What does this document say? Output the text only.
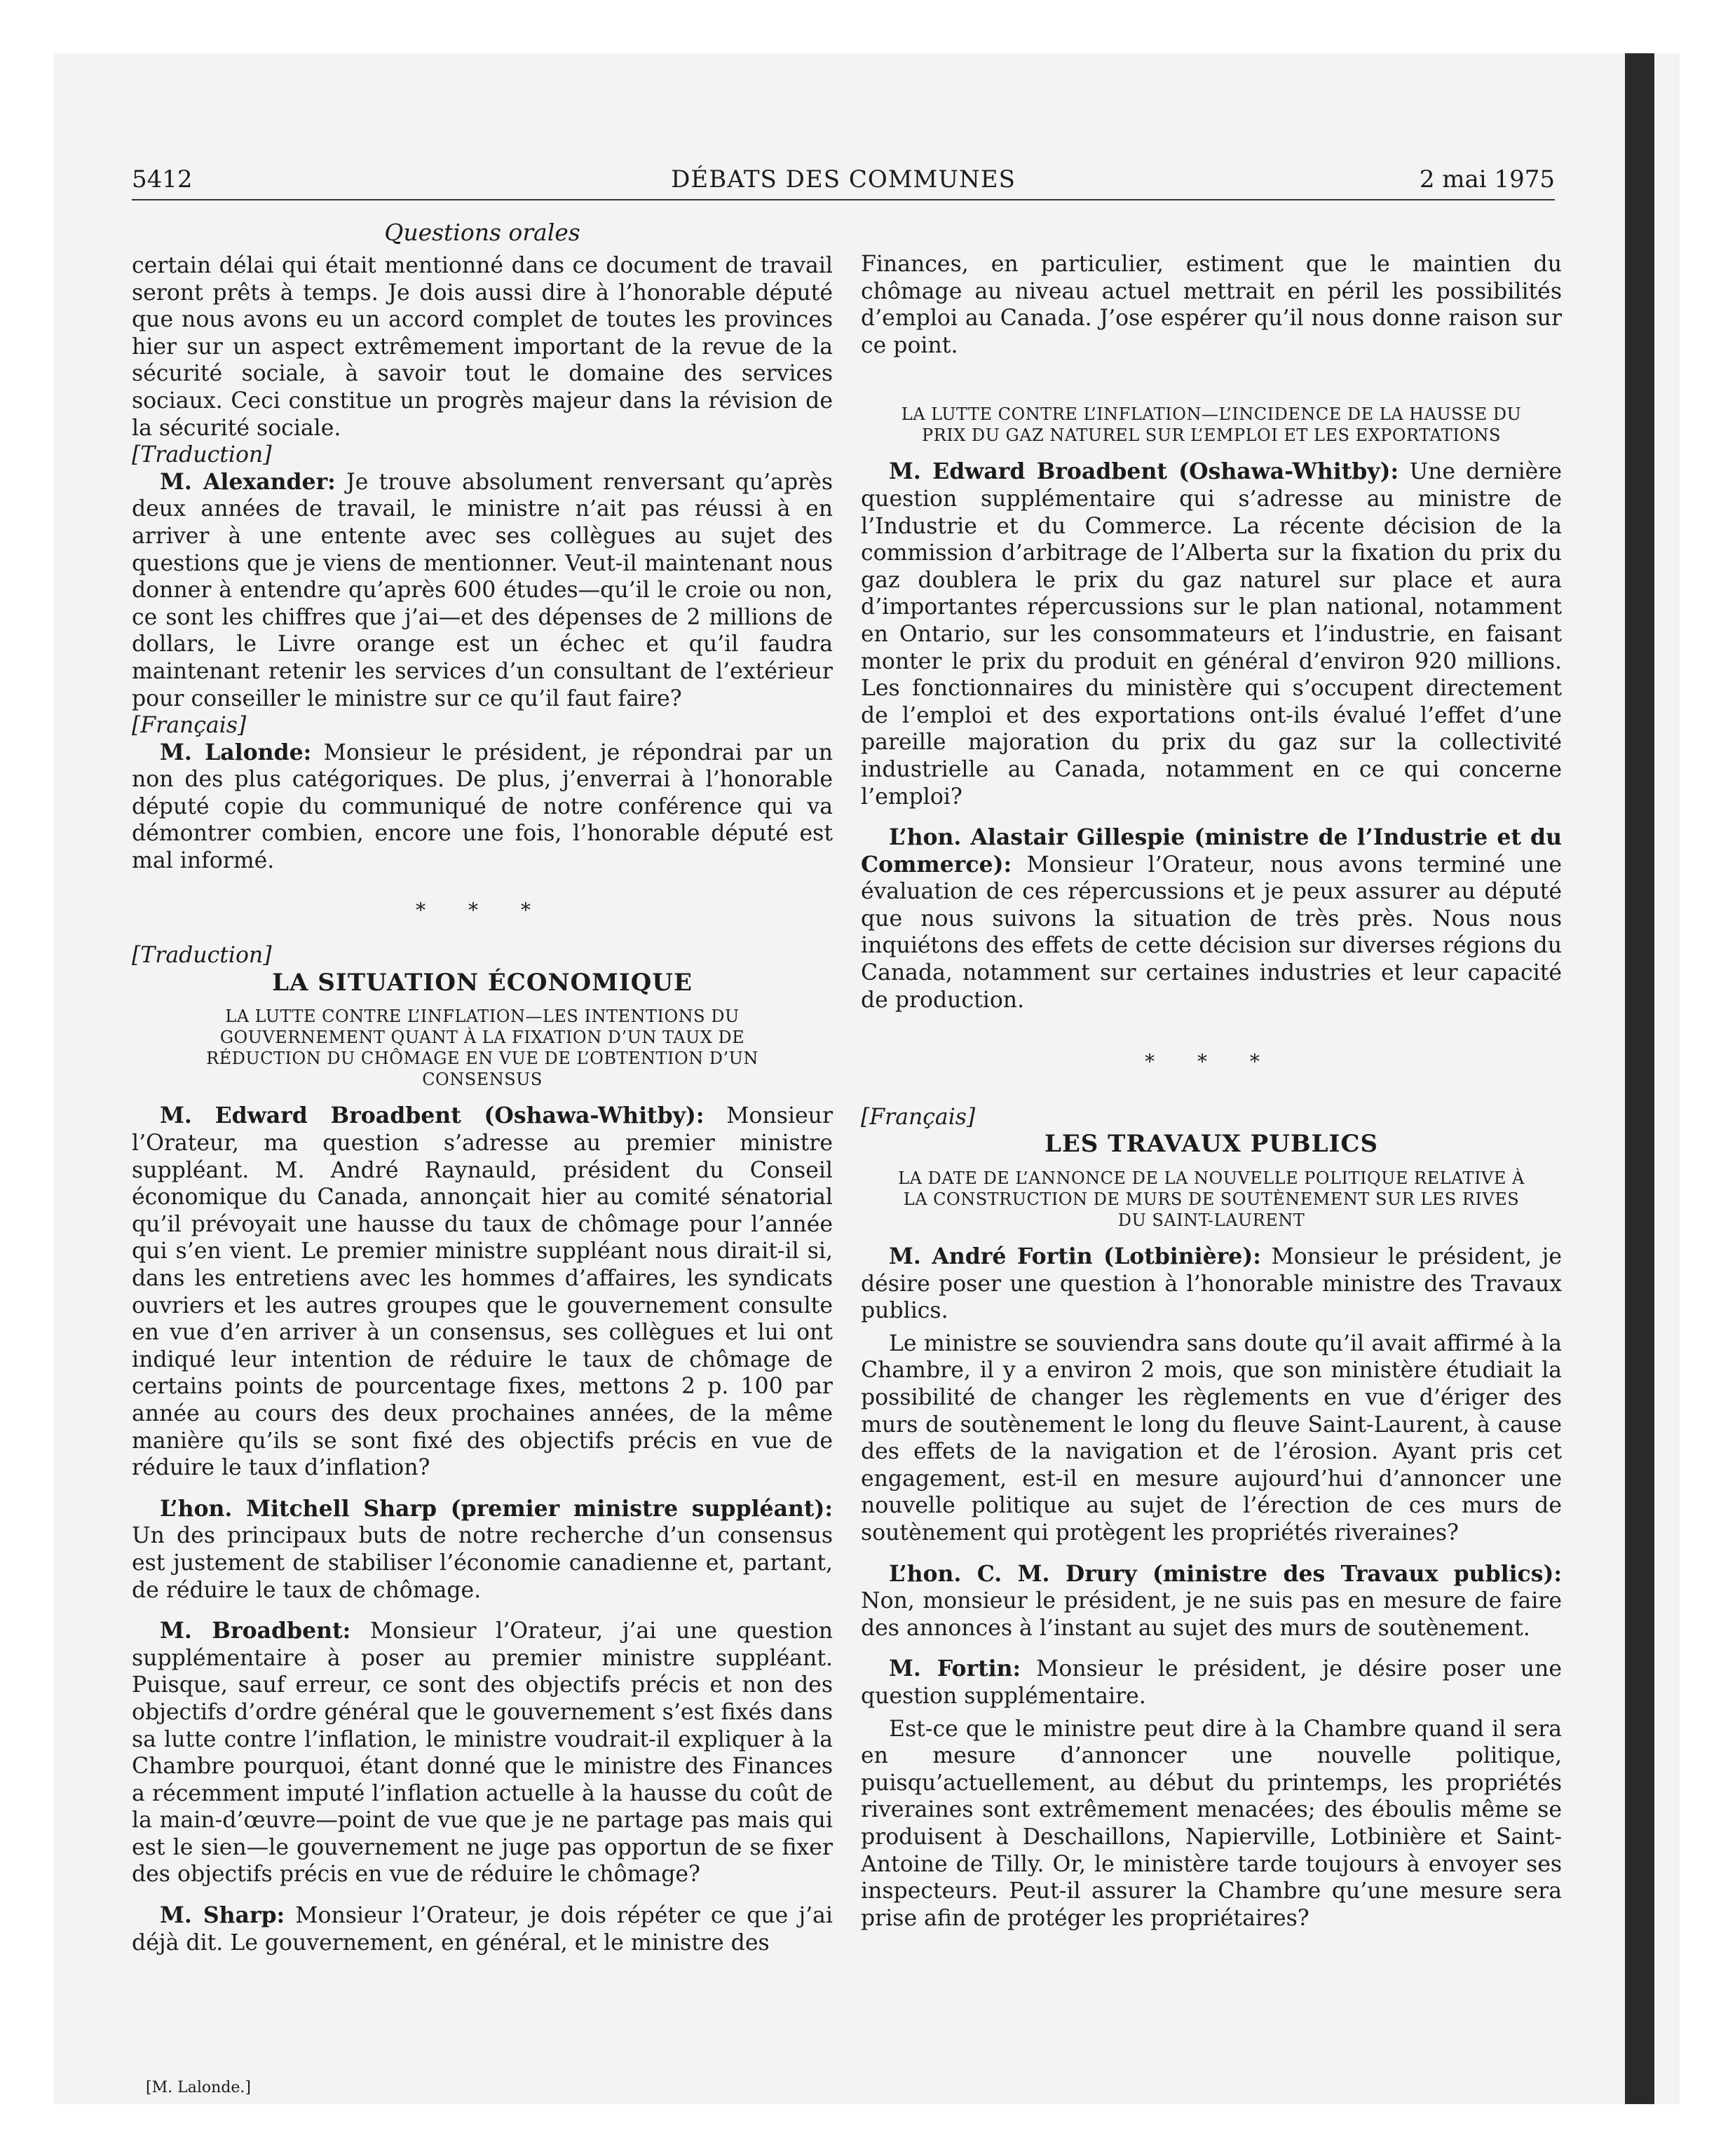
5412	DÉBATS DES COMMUNES	2 mai 1975
Questions orales

certain délai qui était mentionné dans ce document de travail seront prêts à temps. Je dois aussi dire à l’honorable député que nous avons eu un accord complet de toutes les provinces hier sur un aspect extrêmement important de la revue de la sécurité sociale, à savoir tout le domaine des services sociaux. Ceci constitue un progrès majeur dans la révision de la sécurité sociale.

[Traduction]

M. Alexander: Je trouve absolument renversant qu’après deux années de travail, le ministre n’ait pas réussi à en arriver à une entente avec ses collègues au sujet des questions que je viens de mentionner. Veut-il maintenant nous donner à entendre qu’après 600 études—qu’il le croie ou non, ce sont les chiffres que j’ai—et des dépenses de 2 millions de dollars, le Livre orange est un échec et qu’il faudra maintenant retenir les services d’un consultant de l’extérieur pour conseiller le ministre sur ce qu’il faut faire?

[Français]

M. Lalonde: Monsieur le président, je répondrai par un non des plus catégoriques. De plus, j’enverrai à l’honorable député copie du communiqué de notre conférence qui va démontrer combien, encore une fois, l’honorable député est mal informé.

* * *

[Traduction]

LA SITUATION ÉCONOMIQUE
LA LUTTE CONTRE L’INFLATION—LES INTENTIONS DU GOUVERNEMENT QUANT À LA FIXATION D’UN TAUX DE RÉDUCTION DU CHÔMAGE EN VUE DE L’OBTENTION D’UN CONSENSUS

M. Edward Broadbent (Oshawa-Whitby): Monsieur l’Orateur, ma question s’adresse au premier ministre suppléant. M. André Raynauld, président du Conseil économique du Canada, annonçait hier au comité sénatorial qu’il prévoyait une hausse du taux de chômage pour l’année qui s’en vient. Le premier ministre suppléant nous dirait-il si, dans les entretiens avec les hommes d’affaires, les syndicats ouvriers et les autres groupes que le gouvernement consulte en vue d’en arriver à un consensus, ses collègues et lui ont indiqué leur intention de réduire le taux de chômage de certains points de pourcentage fixes, mettons 2 p. 100 par année au cours des deux prochaines années, de la même manière qu’ils se sont fixé des objectifs précis en vue de réduire le taux d’inflation?

L’hon. Mitchell Sharp (premier ministre suppléant): Un des principaux buts de notre recherche d’un consensus est justement de stabiliser l’économie canadienne et, partant, de réduire le taux de chômage.

M. Broadbent: Monsieur l’Orateur, j’ai une question supplémentaire à poser au premier ministre suppléant. Puisque, sauf erreur, ce sont des objectifs précis et non des objectifs d’ordre général que le gouvernement s’est fixés dans sa lutte contre l’inflation, le ministre voudrait-il expliquer à la Chambre pourquoi, étant donné que le ministre des Finances a récemment imputé l’inflation actuelle à la hausse du coût de la main-d’œuvre—point de vue que je ne partage pas mais qui est le sien—le gouvernement ne juge pas opportun de se fixer des objectifs précis en vue de réduire le chômage?

M. Sharp: Monsieur l’Orateur, je dois répéter ce que j’ai déjà dit. Le gouvernement, en général, et le ministre des

Finances, en particulier, estiment que le maintien du chômage au niveau actuel mettrait en péril les possibilités d’emploi au Canada. J’ose espérer qu’il nous donne raison sur ce point.

LA LUTTE CONTRE L’INFLATION—L’INCIDENCE DE LA HAUSSE DU PRIX DU GAZ NATUREL SUR L’EMPLOI ET LES EXPORTATIONS

M. Edward Broadbent (Oshawa-Whitby): Une dernière question supplémentaire qui s’adresse au ministre de l’Industrie et du Commerce. La récente décision de la commission d’arbitrage de l’Alberta sur la fixation du prix du gaz doublera le prix du gaz naturel sur place et aura d’importantes répercussions sur le plan national, notamment en Ontario, sur les consommateurs et l’industrie, en faisant monter le prix du produit en général d’environ 920 millions. Les fonctionnaires du ministère qui s’occupent directement de l’emploi et des exportations ont-ils évalué l’effet d’une pareille majoration du prix du gaz sur la collectivité industrielle au Canada, notamment en ce qui concerne l’emploi?

L’hon. Alastair Gillespie (ministre de l’Industrie et du Commerce): Monsieur l’Orateur, nous avons terminé une évaluation de ces répercussions et je peux assurer au député que nous suivons la situation de très près. Nous nous inquiétons des effets de cette décision sur diverses régions du Canada, notamment sur certaines industries et leur capacité de production.

* * *

[Français]

LES TRAVAUX PUBLICS
LA DATE DE L’ANNONCE DE LA NOUVELLE POLITIQUE RELATIVE À LA CONSTRUCTION DE MURS DE SOUTÈNEMENT SUR LES RIVES DU SAINT-LAURENT

M. André Fortin (Lotbinière): Monsieur le président, je désire poser une question à l’honorable ministre des Travaux publics.

Le ministre se souviendra sans doute qu’il avait affirmé à la Chambre, il y a environ 2 mois, que son ministère étudiait la possibilité de changer les règlements en vue d’ériger des murs de soutènement le long du fleuve Saint-Laurent, à cause des effets de la navigation et de l’érosion. Ayant pris cet engagement, est-il en mesure aujourd’hui d’annoncer une nouvelle politique au sujet de l’érection de ces murs de soutènement qui protègent les propriétés riveraines?

L’hon. C. M. Drury (ministre des Travaux publics): Non, monsieur le président, je ne suis pas en mesure de faire des annonces à l’instant au sujet des murs de soutènement.

M. Fortin: Monsieur le président, je désire poser une question supplémentaire.

Est-ce que le ministre peut dire à la Chambre quand il sera en mesure d’annoncer une nouvelle politique, puisqu’actuellement, au début du printemps, les propriétés riveraines sont extrêmement menacées; des éboulis même se produisent à Deschaillons, Napierville, Lotbinière et Saint-Antoine de Tilly. Or, le ministère tarde toujours à envoyer ses inspecteurs. Peut-il assurer la Chambre qu’une mesure sera prise afin de protéger les propriétaires?

[M. Lalonde.]
